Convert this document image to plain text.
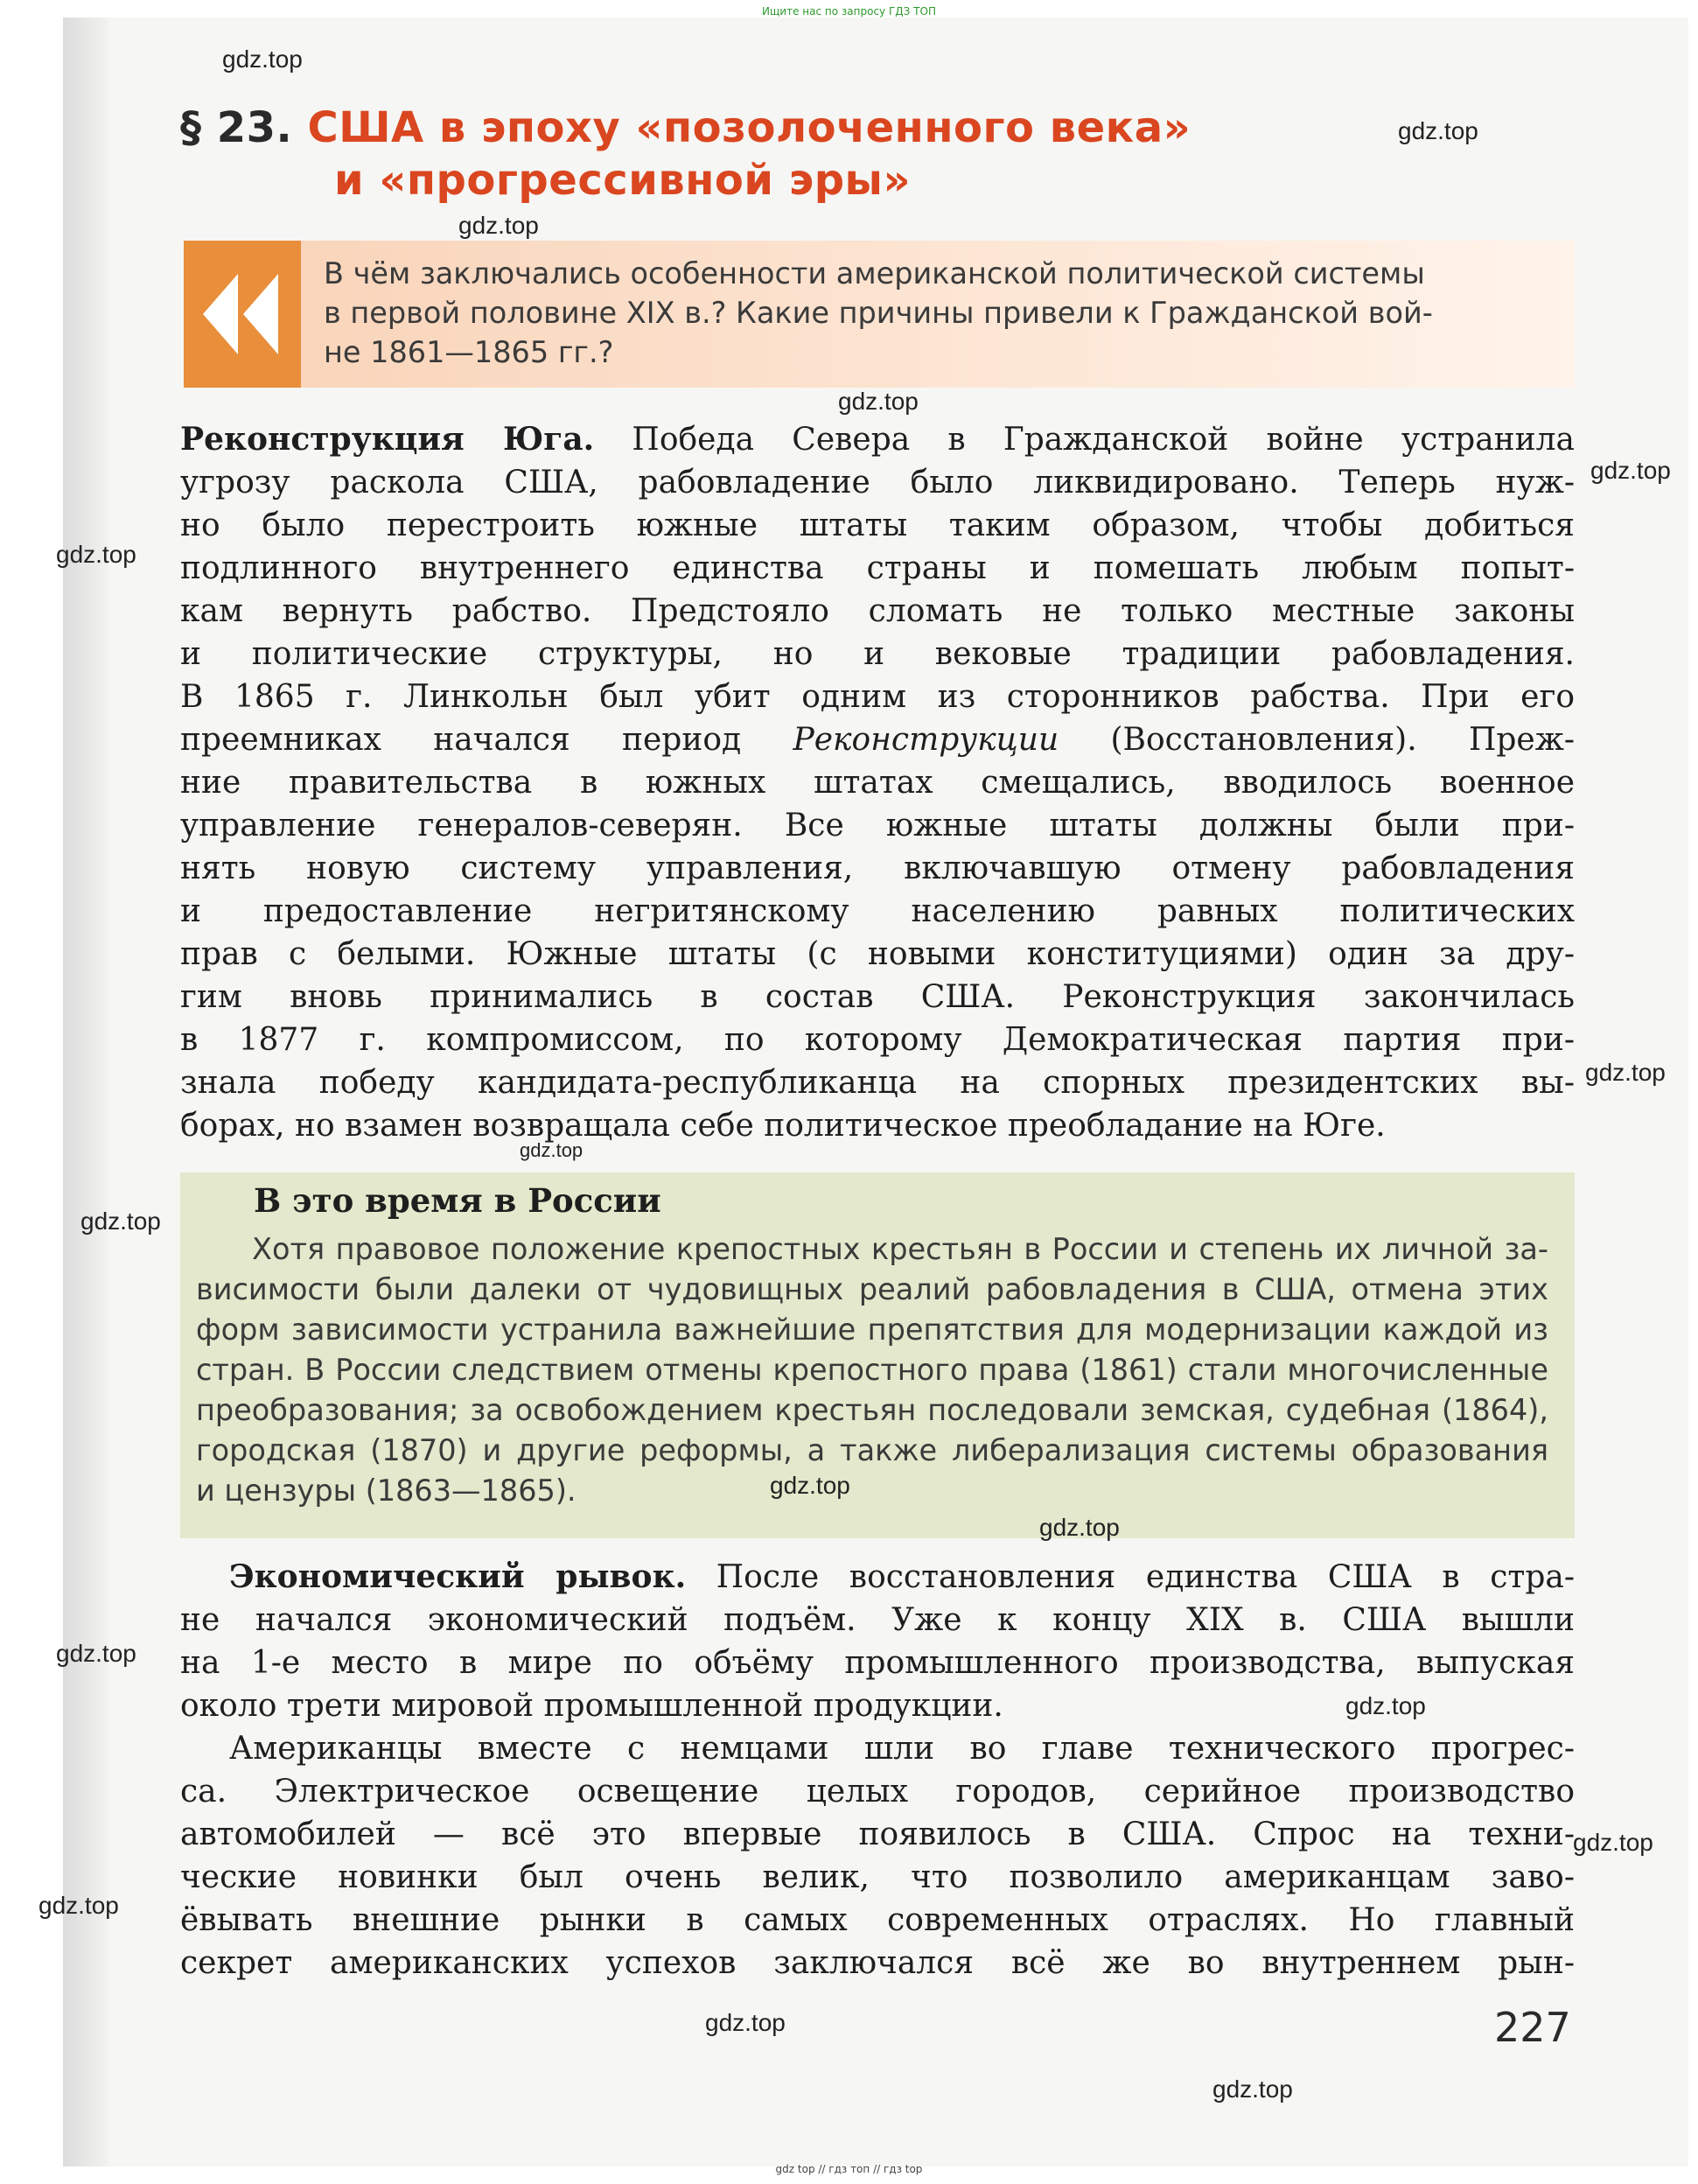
Ищите нас по запросу ГДЗ ТОП
§ 23. США в эпоху «позолоченного века»
и «прогрессивной эры»
В чём заключались особенности американской политической системы
в первой половине XIX в.? Какие причины привели к Гражданской вой-
не 1861—1865 гг.?
Реконструкция Юга. Победа Севера в Гражданской войне устранила
угрозу раскола США, рабовладение было ликвидировано. Теперь нуж-
но было перестроить южные штаты таким образом, чтобы добиться
подлинного внутреннего единства страны и помешать любым попыт-
кам вернуть рабство. Предстояло сломать не только местные законы
и политические структуры, но и вековые традиции рабовладения.
В 1865 г. Линкольн был убит одним из сторонников рабства. При его
преемниках начался период Реконструкции (Восстановления). Преж-
ние правительства в южных штатах смещались, вводилось военное
управление генералов-северян. Все южные штаты должны были при-
нять новую систему управления, включавшую отмену рабовладения
и предоставление негритянскому населению равных политических
прав с белыми. Южные штаты (с новыми конституциями) один за дру-
гим вновь принимались в состав США. Реконструкция закончилась
в 1877 г. компромиссом, по которому Демократическая партия при-
знала победу кандидата-республиканца на спорных президентских вы-
борах, но взамен возвращала себе политическое преобладание на Юге.
В это время в России
Хотя правовое положение крепостных крестьян в России и степень их личной за-
висимости были далеки от чудовищных реалий рабовладения в США, отмена этих
форм зависимости устранила важнейшие препятствия для модернизации каждой из
стран. В России следствием отмены крепостного права (1861) стали многочисленные
преобразования; за освобождением крестьян последовали земская, судебная (1864),
городская (1870) и другие реформы, а также либерализация системы образования
и цензуры (1863—1865).
Экономический рывок. После восстановления единства США в стра-
не начался экономический подъём. Уже к концу XIX в. США вышли
на 1-е место в мире по объёму промышленного производства, выпуская
около трети мировой промышленной продукции.
Американцы вместе с немцами шли во главе технического прогрес-
са. Электрическое освещение целых городов, серийное производство
автомобилей — всё это впервые появилось в США. Спрос на техни-
ческие новинки был очень велик, что позволило американцам заво-
ёвывать внешние рынки в самых современных отраслях. Но главный
секрет американских успехов заключался всё же во внутреннем рын-
227
gdz.top
gdz.top
gdz.top
gdz.top
gdz.top
gdz.top
gdz.top
gdz.top
gdz.top
gdz.top
gdz.top
gdz.top
gdz.top
gdz.top
gdz.top
gdz.top
gdz.top
gdz top // гдз топ // гдз top
